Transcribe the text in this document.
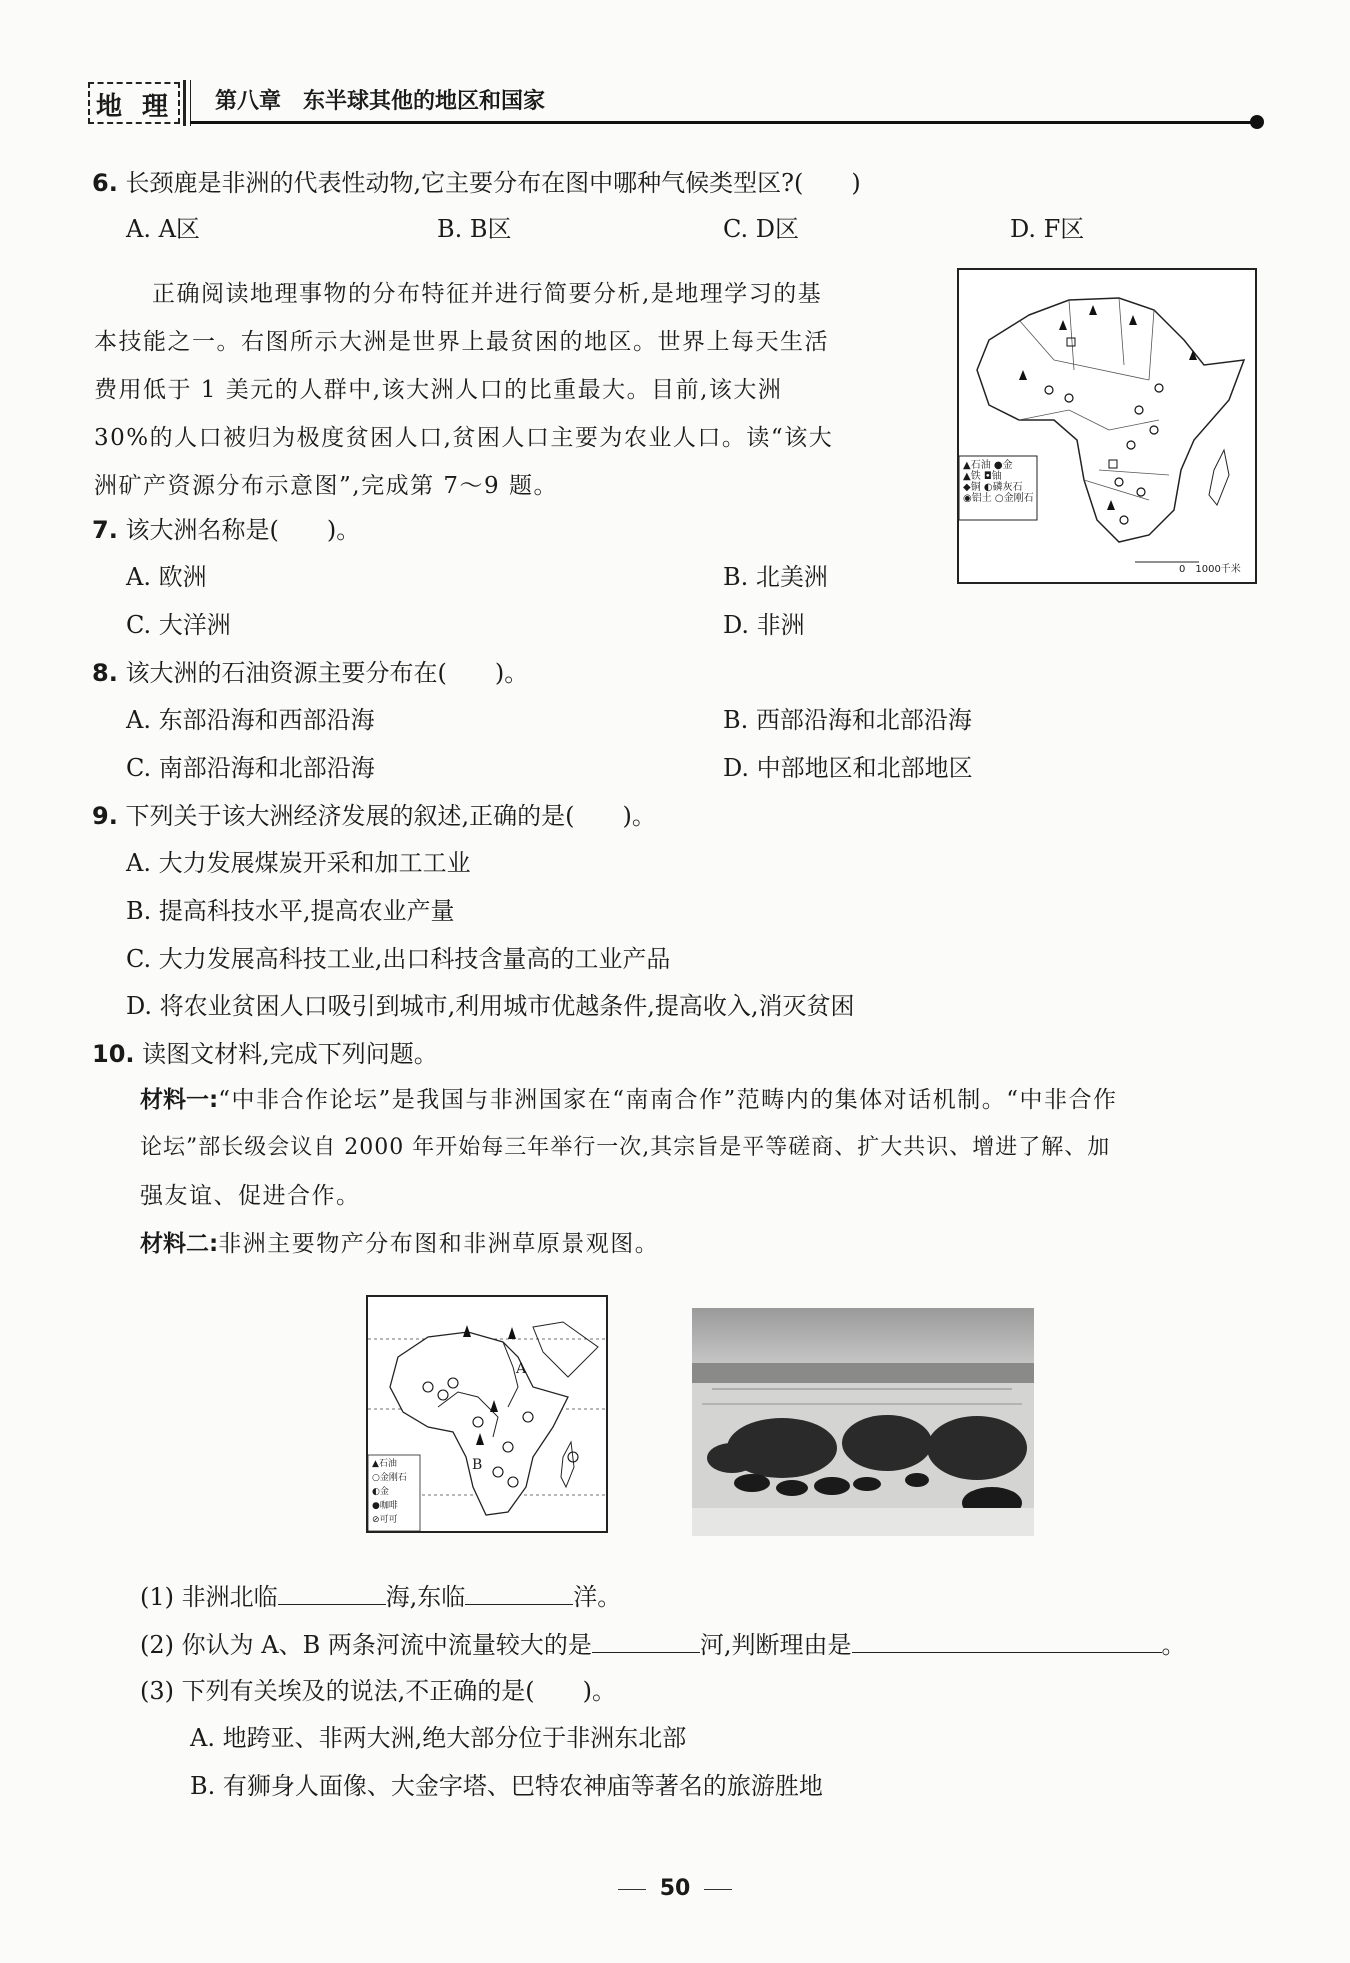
地 理 第八章　东半球其他的地区和国家
6. 长颈鹿是非洲的代表性动物,它主要分布在图中哪种气候类型区?(　　)
A. A区	B. B区	C. D区	D. F区
正确阅读地理事物的分布特征并进行简要分析,是地理学习的基
本技能之一。右图所示大洲是世界上最贫困的地区。世界上每天生活
费用低于 1 美元的人群中,该大洲人口的比重最大。目前,该大洲
30%的人口被归为极度贫困人口,贫困人口主要为农业人口。读“该大
洲矿产资源分布示意图”,完成第 7～9 题。
▲石油 ●金
▲铁 ◘铀
◆铜 ◐磷灰石
◉铝土 ○金刚石
0　1000千米
7. 该大洲名称是(　　)。
A. 欧洲	B. 北美洲
C. 大洋洲	D. 非洲
8. 该大洲的石油资源主要分布在(　　)。
A. 东部沿海和西部沿海	B. 西部沿海和北部沿海
C. 南部沿海和北部沿海	D. 中部地区和北部地区
9. 下列关于该大洲经济发展的叙述,正确的是(　　)。
A. 大力发展煤炭开采和加工工业
B. 提高科技水平,提高农业产量
C. 大力发展高科技工业,出口科技含量高的工业产品
D. 将农业贫困人口吸引到城市,利用城市优越条件,提高收入,消灭贫困
10. 读图文材料,完成下列问题。
材料一:“中非合作论坛”是我国与非洲国家在“南南合作”范畴内的集体对话机制。“中非合作
论坛”部长级会议自 2000 年开始每三年举行一次,其宗旨是平等磋商、扩大共识、增进了解、加
强友谊、促进合作。
材料二:非洲主要物产分布图和非洲草原景观图。
A
B
▲石油
○金刚石
◐金
●咖啡
⊘可可
(1) 非洲北临	海,东临	洋。
(2) 你认为 A、B 两条河流中流量较大的是	河,判断理由是	。
(3) 下列有关埃及的说法,不正确的是(　　)。
A. 地跨亚、非两大洲,绝大部分位于非洲东北部
B. 有狮身人面像、大金字塔、巴特农神庙等著名的旅游胜地
50
